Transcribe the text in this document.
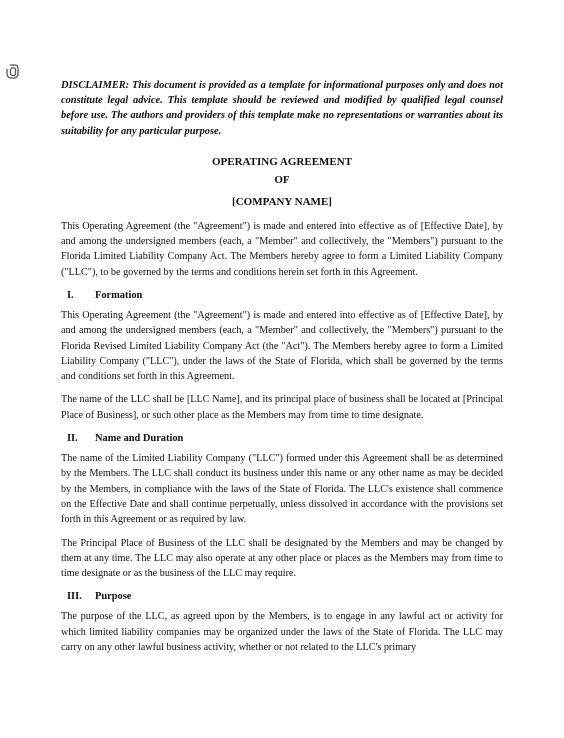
DISCLAIMER: This document is provided as a template for informational purposes only and does not constitute legal advice. This template should be reviewed and modified by qualified legal counsel before use. The authors and providers of this template make no representations or warranties about its suitability for any particular purpose.

OPERATING AGREEMENT

OF

[COMPANY NAME]

This Operating Agreement (the "Agreement") is made and entered into effective as of [Effective Date], by and among the undersigned members (each, a "Member" and collectively, the "Members") pursuant to the Florida Limited Liability Company Act. The Members hereby agree to form a Limited Liability Company ("LLC"), to be governed by the terms and conditions herein set forth in this Agreement.

I.	Formation

This Operating Agreement (the "Agreement") is made and entered into effective as of [Effective Date], by and among the undersigned members (each, a "Member" and collectively, the "Members") pursuant to the Florida Revised Limited Liability Company Act (the "Act"). The Members hereby agree to form a Limited Liability Company ("LLC"), under the laws of the State of Florida, which shall be governed by the terms and conditions set forth in this Agreement.

The name of the LLC shall be [LLC Name], and its principal place of business shall be located at [Principal Place of Business], or such other place as the Members may from time to time designate.

II.	Name and Duration

The name of the Limited Liability Company ("LLC") formed under this Agreement shall be as determined by the Members. The LLC shall conduct its business under this name or any other name as may be decided by the Members, in compliance with the laws of the State of Florida. The LLC's existence shall commence on the Effective Date and shall continue perpetually, unless dissolved in accordance with the provisions set forth in this Agreement or as required by law.

The Principal Place of Business of the LLC shall be designated by the Members and may be changed by them at any time. The LLC may also operate at any other place or places as the Members may from time to time designate or as the business of the LLC may require.

III.	Purpose

The purpose of the LLC, as agreed upon by the Members, is to engage in any lawful act or activity for which limited liability companies may be organized under the laws of the State of Florida. The LLC may carry on any other lawful business activity, whether or not related to the LLC's primary
